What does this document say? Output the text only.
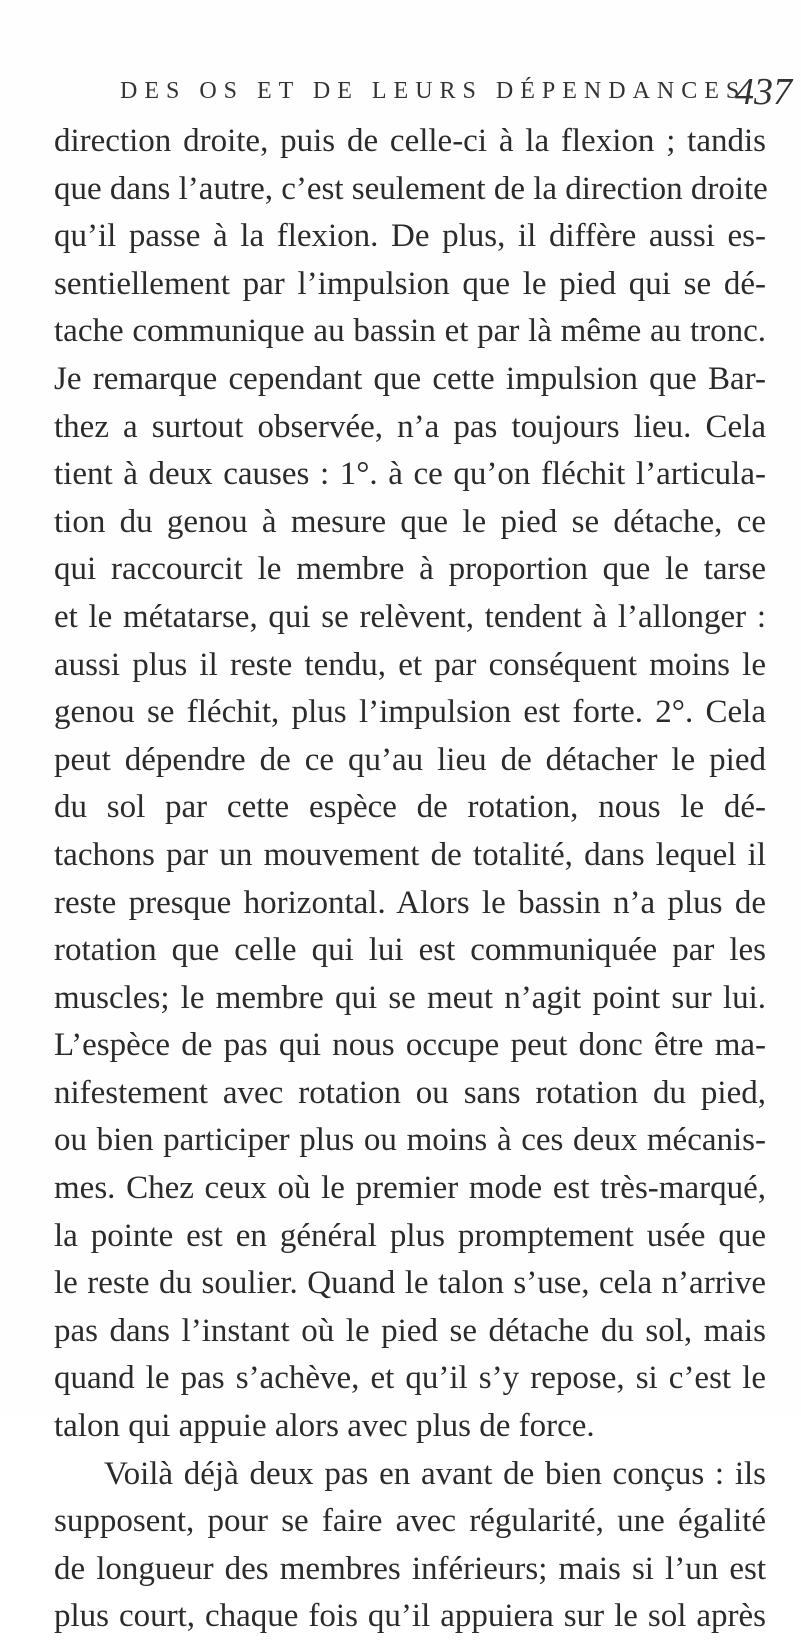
DES OS ET DE LEURS DÉPENDANCES.
437
direction droite, puis de celle-ci à la flexion ; tandis
que dans l’autre, c’est seulement de la direction droite
qu’il passe à la flexion. De plus, il diffère aussi es-
sentiellement par l’impulsion que le pied qui se dé-
tache communique au bassin et par là même au tronc.
Je remarque cependant que cette impulsion que Bar-
thez a surtout observée, n’a pas toujours lieu. Cela
tient à deux causes : 1°. à ce qu’on fléchit l’articula-
tion du genou à mesure que le pied se détache, ce
qui raccourcit le membre à proportion que le tarse
et le métatarse, qui se relèvent, tendent à l’allonger :
aussi plus il reste tendu, et par conséquent moins le
genou se fléchit, plus l’impulsion est forte. 2°. Cela
peut dépendre de ce qu’au lieu de détacher le pied
du sol par cette espèce de rotation, nous le dé-
tachons par un mouvement de totalité, dans lequel il
reste presque horizontal. Alors le bassin n’a plus de
rotation que celle qui lui est communiquée par les
muscles; le membre qui se meut n’agit point sur lui.
L’espèce de pas qui nous occupe peut donc être ma-
nifestement avec rotation ou sans rotation du pied,
ou bien participer plus ou moins à ces deux mécanis-
mes. Chez ceux où le premier mode est très-marqué,
la pointe est en général plus promptement usée que
le reste du soulier. Quand le talon s’use, cela n’arrive
pas dans l’instant où le pied se détache du sol, mais
quand le pas s’achève, et qu’il s’y repose, si c’est le
talon qui appuie alors avec plus de force.
Voilà déjà deux pas en avant de bien conçus : ils
supposent, pour se faire avec régularité, une égalité
de longueur des membres inférieurs; mais si l’un est
plus court, chaque fois qu’il appuiera sur le sol après
